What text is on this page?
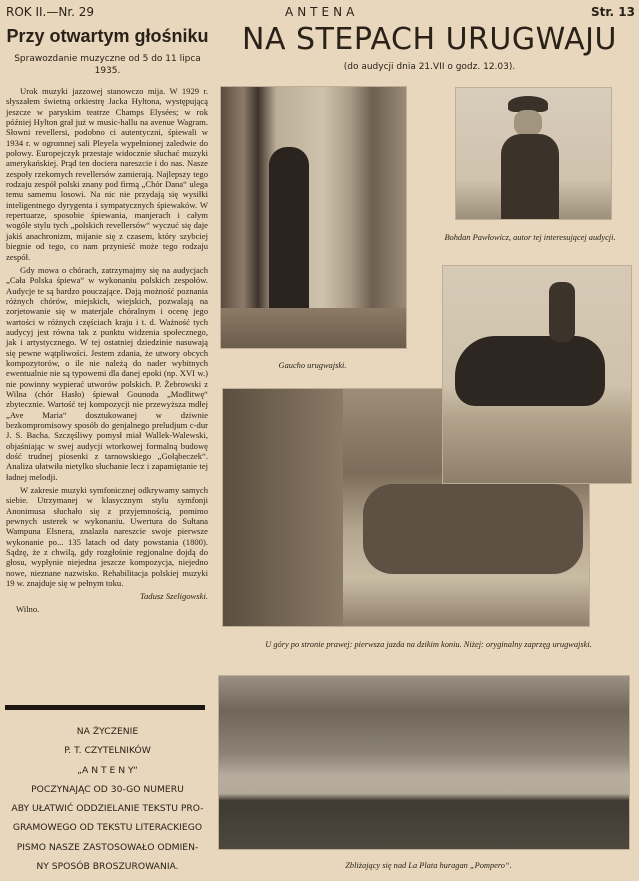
ROK II.—Nr. 29	ANTENA	Str. 13
Przy otwartym głośniku
Sprawozdanie muzyczne od 5 do 11 lipca 1935.

Urok muzyki jazzowej stanowczo mija. W 1929 r. słyszałem świetną orkiestrę Jacka Hyltona, występującą jeszcze w paryskim teatrze Champs Elysées; w rok później Hylton grał już w music-hallu na avenue Wagram. Słowni revellersi, podobno ci autentyczni, śpiewali w 1934 r. w ogromnej sali Pleyela wypełnionej zaledwie do połowy. Europejczyk przestaje widocznie słuchać muzyki amerykańskiej. Prąd ten dociera nareszcie i do nas. Nasze zespoły rzekomych revellersów zamierają. Najlepszy tego rodzaju zespół polski znany pod firmą „Chór Dana“ ulega temu samemu losowi. Na nic nie przydają się wysiłki inteligentnego dyrygenta i sympatycznych śpiewaków. W repertuarze, sposobie śpiewania, manjerach i całym wogóle stylu tych „polskich revellersów“ wyczuć się daje jakiś anachronizm, mijanie się z czasem, który szybciej biegnie od tego, co nam przynieść może tego rodzaju zespół.

Gdy mowa o chórach, zatrzymajmy się na audycjach „Cała Polska śpiewa“ w wykonaniu polskich zespołów. Audycje te są bardzo pouczające. Dają możność poznania różnych chórów, miejskich, wiejskich, pozwalają na zorjetowanie się w materjale chóralnym i ocenę jego wartości w różnych częściach kraju i t. d. Ważność tych audycyj jest równa tak z punktu widzenia społecznego, jak i artystycznego. W tej ostatniej dziedzinie nasuwają się pewne wątpliwości. Jestem zdania, że utwory obcych kompozytorów, o ile nie należą do nader wybitnych ewentualnie nie są typowemi dla danej epoki (np. XVI w.) nie powinny wypierać utworów polskich. P. Żebrowski z Wilna (chór Hasło) śpiewał Gounoda „Modlitwę“ zbytecznie. Wartość tej kompozycji nie przewyższa mdłej „Ave Maria“ dosztukowanej w dziwnie bezkompromisowy sposób do genjalnego preludjum c-dur J. S. Bacha. Szczęśliwy pomysł miał Wallek-Walewski, objaśniając w swej audycji wtorkowej formalną budowę dość trudnej piosenki z tarnowskiego „Gołąbeczek“. Analiza ułatwiła nietylko słuchanie lecz i zapamiętanie tej ładnej melodji.

W zakresie muzyki symfonicznej odkrywamy samych siebie. Utrzymanej w klasycznym stylu symfonji Anonimusa słuchało się z przyjemnością, pomimo pewnych usterek w wykonaniu. Uwertura do Sułtana Wampuna Elsnera, znalazła nareszcie swoje pierwsze wykonanie po... 135 latach od daty powstania (1800). Sądzę, że z chwilą, gdy rozgłośnie regjonalne dojdą do głosu, wypłynie niejedna jeszcze kompozycja, niejedno nowe, nieznane nazwisko. Rehabilitacja polskiej muzyki 19 w. znajduje się w pełnym toku.

Tadusz Szeligowski.

Wilno.

NA ŻYCZENIE
P. T. CZYTELNIKÓW
„A N T E N Y“
POCZYNAJĄC OD 30-GO NUMERU
ABY UŁATWIĆ ODDZIELANIE TEKSTU PRO-
GRAMOWEGO OD TEKSTU LITERACKIEGO
PISMO NASZE ZASTOSOWAŁO ODMIEN-
NY SPOSÓB BROSZUROWANIA.
NA STEPACH URUGWAJU
(do audycji dnia 21.VII o godz. 12.03).
Gaucho urugwajski.
Bohdan Pawłowicz, autor tej interesującej audycji.
U góry po stronie prawej: pierwsza jazda na dzikim koniu. Niżej: oryginalny zaprzęg urugwajski.
Zbliżający się nad La Plata huragan „Pompero“.
